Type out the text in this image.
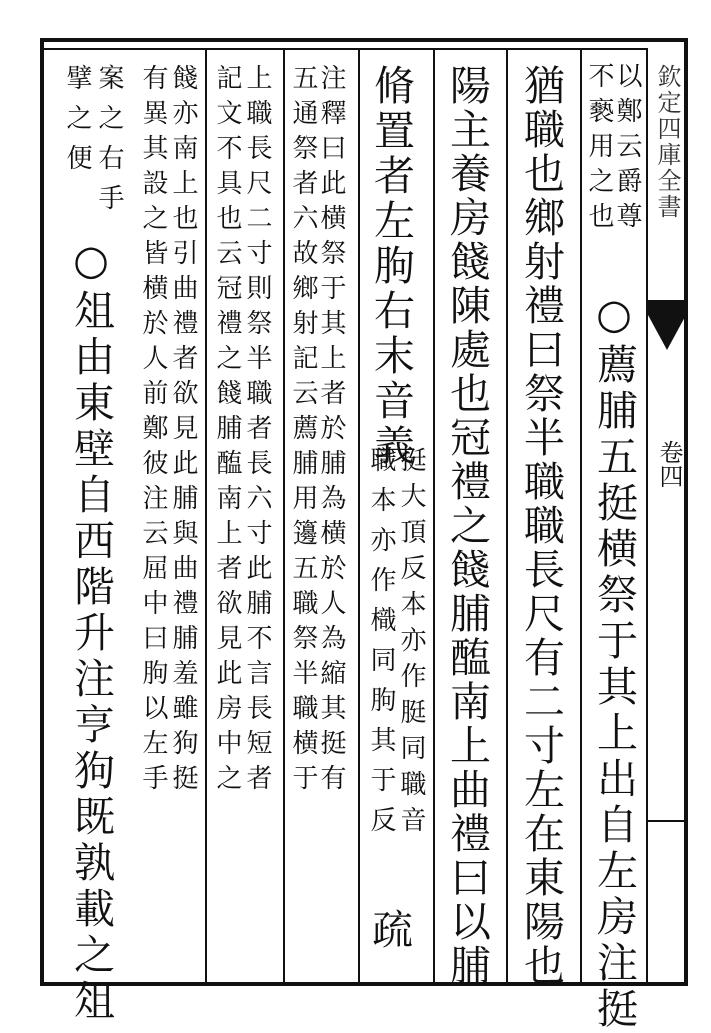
以鄭云爵尊
不褻用之也
○薦脯五挺横祭于其上出自左房注挺
猶職也鄉射禮曰祭半職職長尺有二寸左在東陽也
陽主養房餞陳處也冠禮之餞脯醢南上曲禮曰以脯
脩置者左朐右末音義
挺大頂反本亦作脡同職音
職本亦作樴同朐其于反
疏
注釋曰此横祭于其上者於脯為横於人為縮其挺有
五通祭者六故鄉射記云薦脯用籩五職祭半職横于
上職長尺二寸則祭半職者長六寸此脯不言長短者
記文不具也云冠禮之餞脯醢南上者欲見此房中之
餞亦南上也引曲禮者欲見此脯與曲禮脯羞雖狗挺
有異其設之皆横於人前鄭彼注云屈中曰朐以左手
案之右手
擘之便
○俎由東壁自西階升注亨狗既孰載之俎
欽定四庫全書
卷四
